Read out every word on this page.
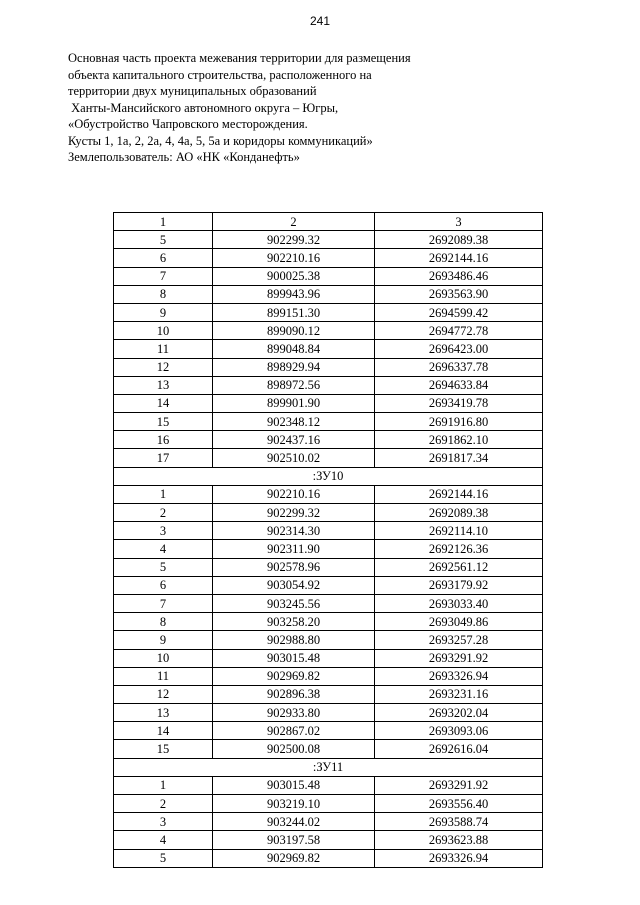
241
Основная часть проекта межевания территории для размещения
объекта капитального строительства, расположенного на
территории двух муниципальных образований
Ханты-Мансийского автономного округа – Югры,
«Обустройство Чапровского месторождения.
Кусты 1, 1а, 2, 2а, 4, 4а, 5, 5а и коридоры коммуникаций»
Землепользователь: АО «НК «Конданефть»
1	2	3
5	902299.32	2692089.38
6	902210.16	2692144.16
7	900025.38	2693486.46
8	899943.96	2693563.90
9	899151.30	2694599.42
10	899090.12	2694772.78
11	899048.84	2696423.00
12	898929.94	2696337.78
13	898972.56	2694633.84
14	899901.90	2693419.78
15	902348.12	2691916.80
16	902437.16	2691862.10
17	902510.02	2691817.34
:ЗУ10		
1	902210.16	2692144.16
2	902299.32	2692089.38
3	902314.30	2692114.10
4	902311.90	2692126.36
5	902578.96	2692561.12
6	903054.92	2693179.92
7	903245.56	2693033.40
8	903258.20	2693049.86
9	902988.80	2693257.28
10	903015.48	2693291.92
11	902969.82	2693326.94
12	902896.38	2693231.16
13	902933.80	2693202.04
14	902867.02	2693093.06
15	902500.08	2692616.04
:ЗУ11		
1	903015.48	2693291.92
2	903219.10	2693556.40
3	903244.02	2693588.74
4	903197.58	2693623.88
5	902969.82	2693326.94
